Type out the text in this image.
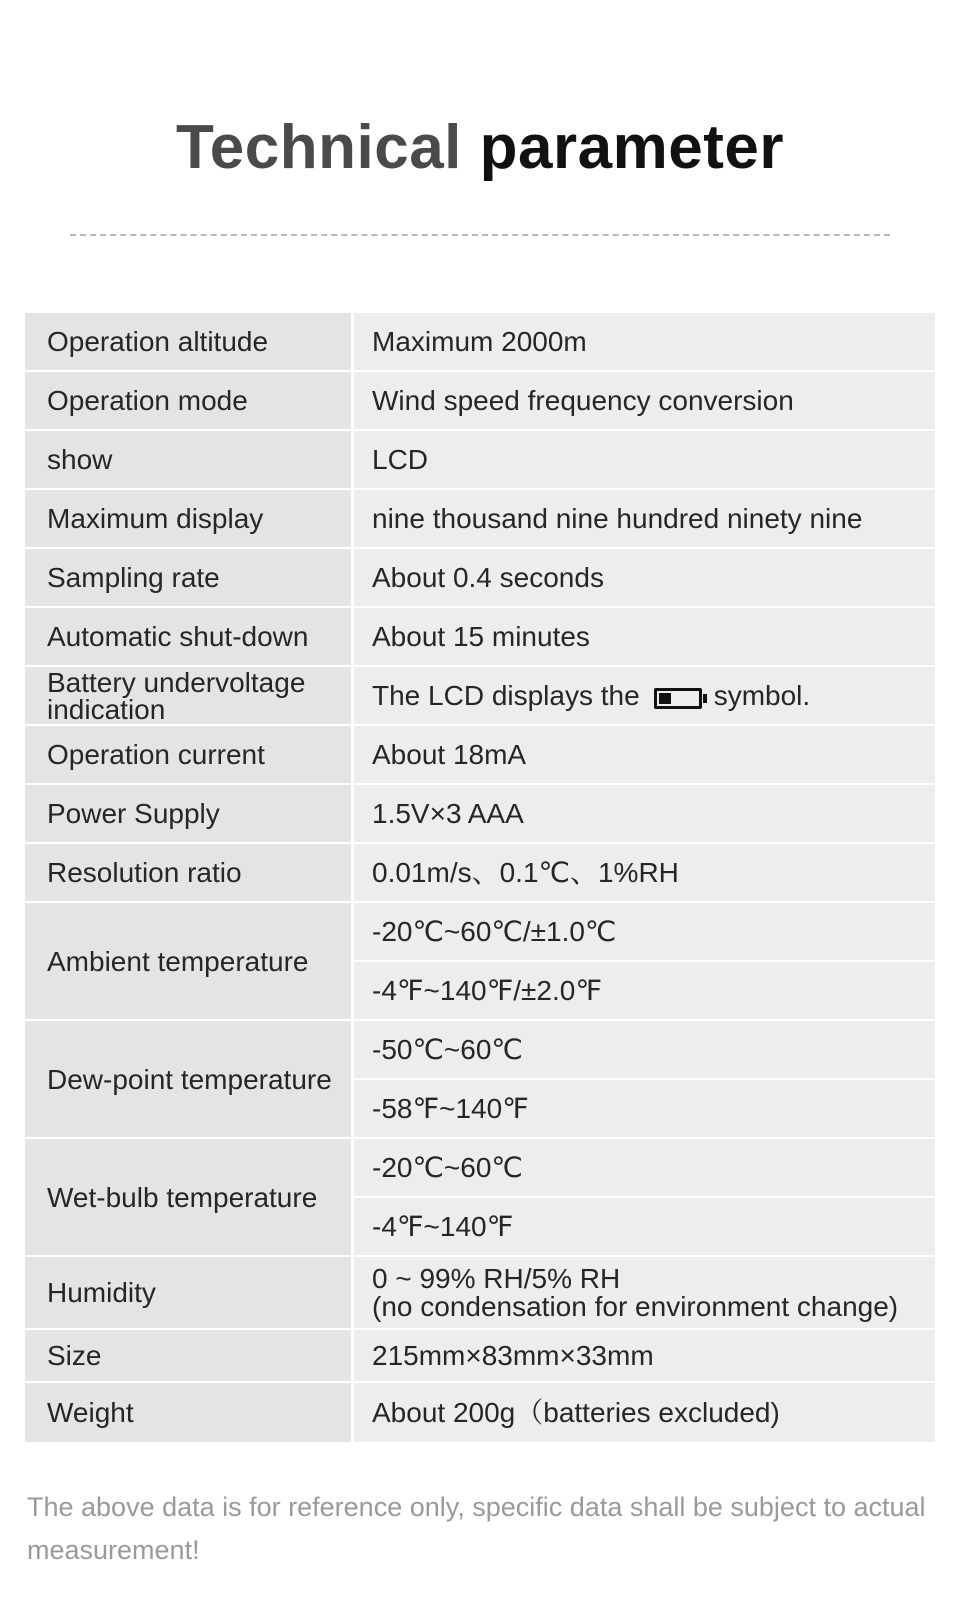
Technical parameter
Operation altitude	Maximum 2000m
Operation mode	Wind speed frequency conversion
show	LCD
Maximum display	nine thousand nine hundred ninety nine
Sampling rate	About 0.4 seconds
Automatic shut-down	About 15 minutes
Battery undervoltage indication	The LCD displays the symbol.
Operation current	About 18mA
Power Supply	1.5V×3 AAA
Resolution ratio	0.01m/s、0.1℃、1%RH
Ambient temperature	-20℃~60℃/±1.0℃
	-4℉~140℉/±2.0℉
Dew-point temperature	-50℃~60℃
	-58℉~140℉
Wet-bulb temperature	-20℃~60℃
	-4℉~140℉
Humidity	0 ~ 99% RH/5% RH
(no condensation for environment change)
Size	215mm×83mm×33mm
Weight	About 200g（batteries excluded)

The above data is for reference only, specific data shall be subject to actual measurement!
